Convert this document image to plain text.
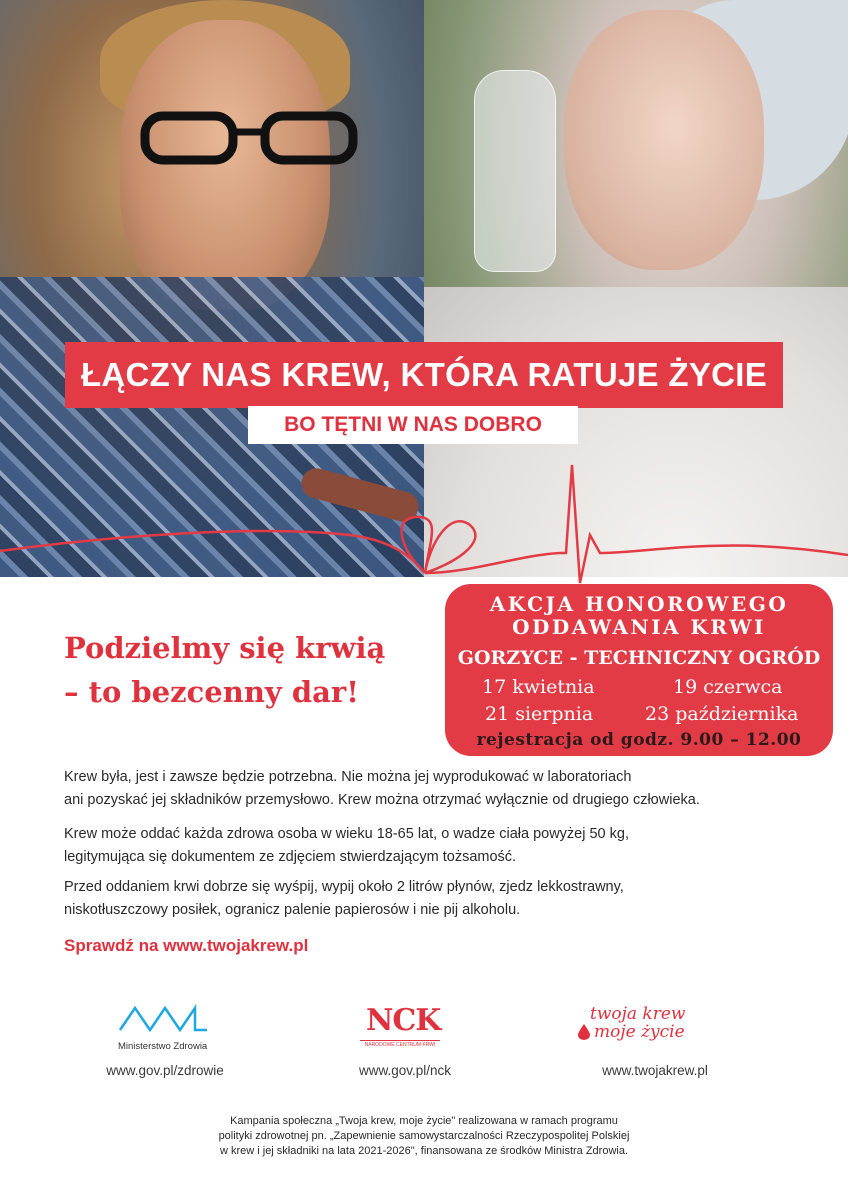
ŁĄCZY NAS KREW, KTÓRA RATUJE ŻYCIE
BO TĘTNI W NAS DOBRO
AKCJA HONOROWEGO
ODDAWANIA KRWI
GORZYCE - TECHNICZNY OGRÓD
17 kwietnia	19 czerwca
21 sierpnia	23 października
rejestracja od godz. 9.00 – 12.00
Podzielmy się krwią
– to bezcenny dar!
Krew była, jest i zawsze będzie potrzebna. Nie można jej wyprodukować w laboratoriach
ani pozyskać jej składników przemysłowo. Krew można otrzymać wyłącznie od drugiego człowieka.
Krew może oddać każda zdrowa osoba w wieku 18-65 lat, o wadze ciała powyżej 50 kg,
legitymująca się dokumentem ze zdjęciem stwierdzającym tożsamość.
Przed oddaniem krwi dobrze się wyśpij, wypij około 2 litrów płynów, zjedz lekkostrawny,
niskotłuszczowy posiłek, ogranicz palenie papierosów i nie pij alkoholu.
Sprawdź na www.twojakrew.pl
Ministerstwo Zdrowia
NCK
NARODOWE CENTRUM KRWI
twoja krew
moje życie
www.gov.pl/zdrowie	www.gov.pl/nck	www.twojakrew.pl
Kampania społeczna „Twoja krew, moje życie" realizowana w ramach programu
polityki zdrowotnej pn. „Zapewnienie samowystarczalności Rzeczypospolitej Polskiej
w krew i jej składniki na lata 2021-2026", finansowana ze środków Ministra Zdrowia.
